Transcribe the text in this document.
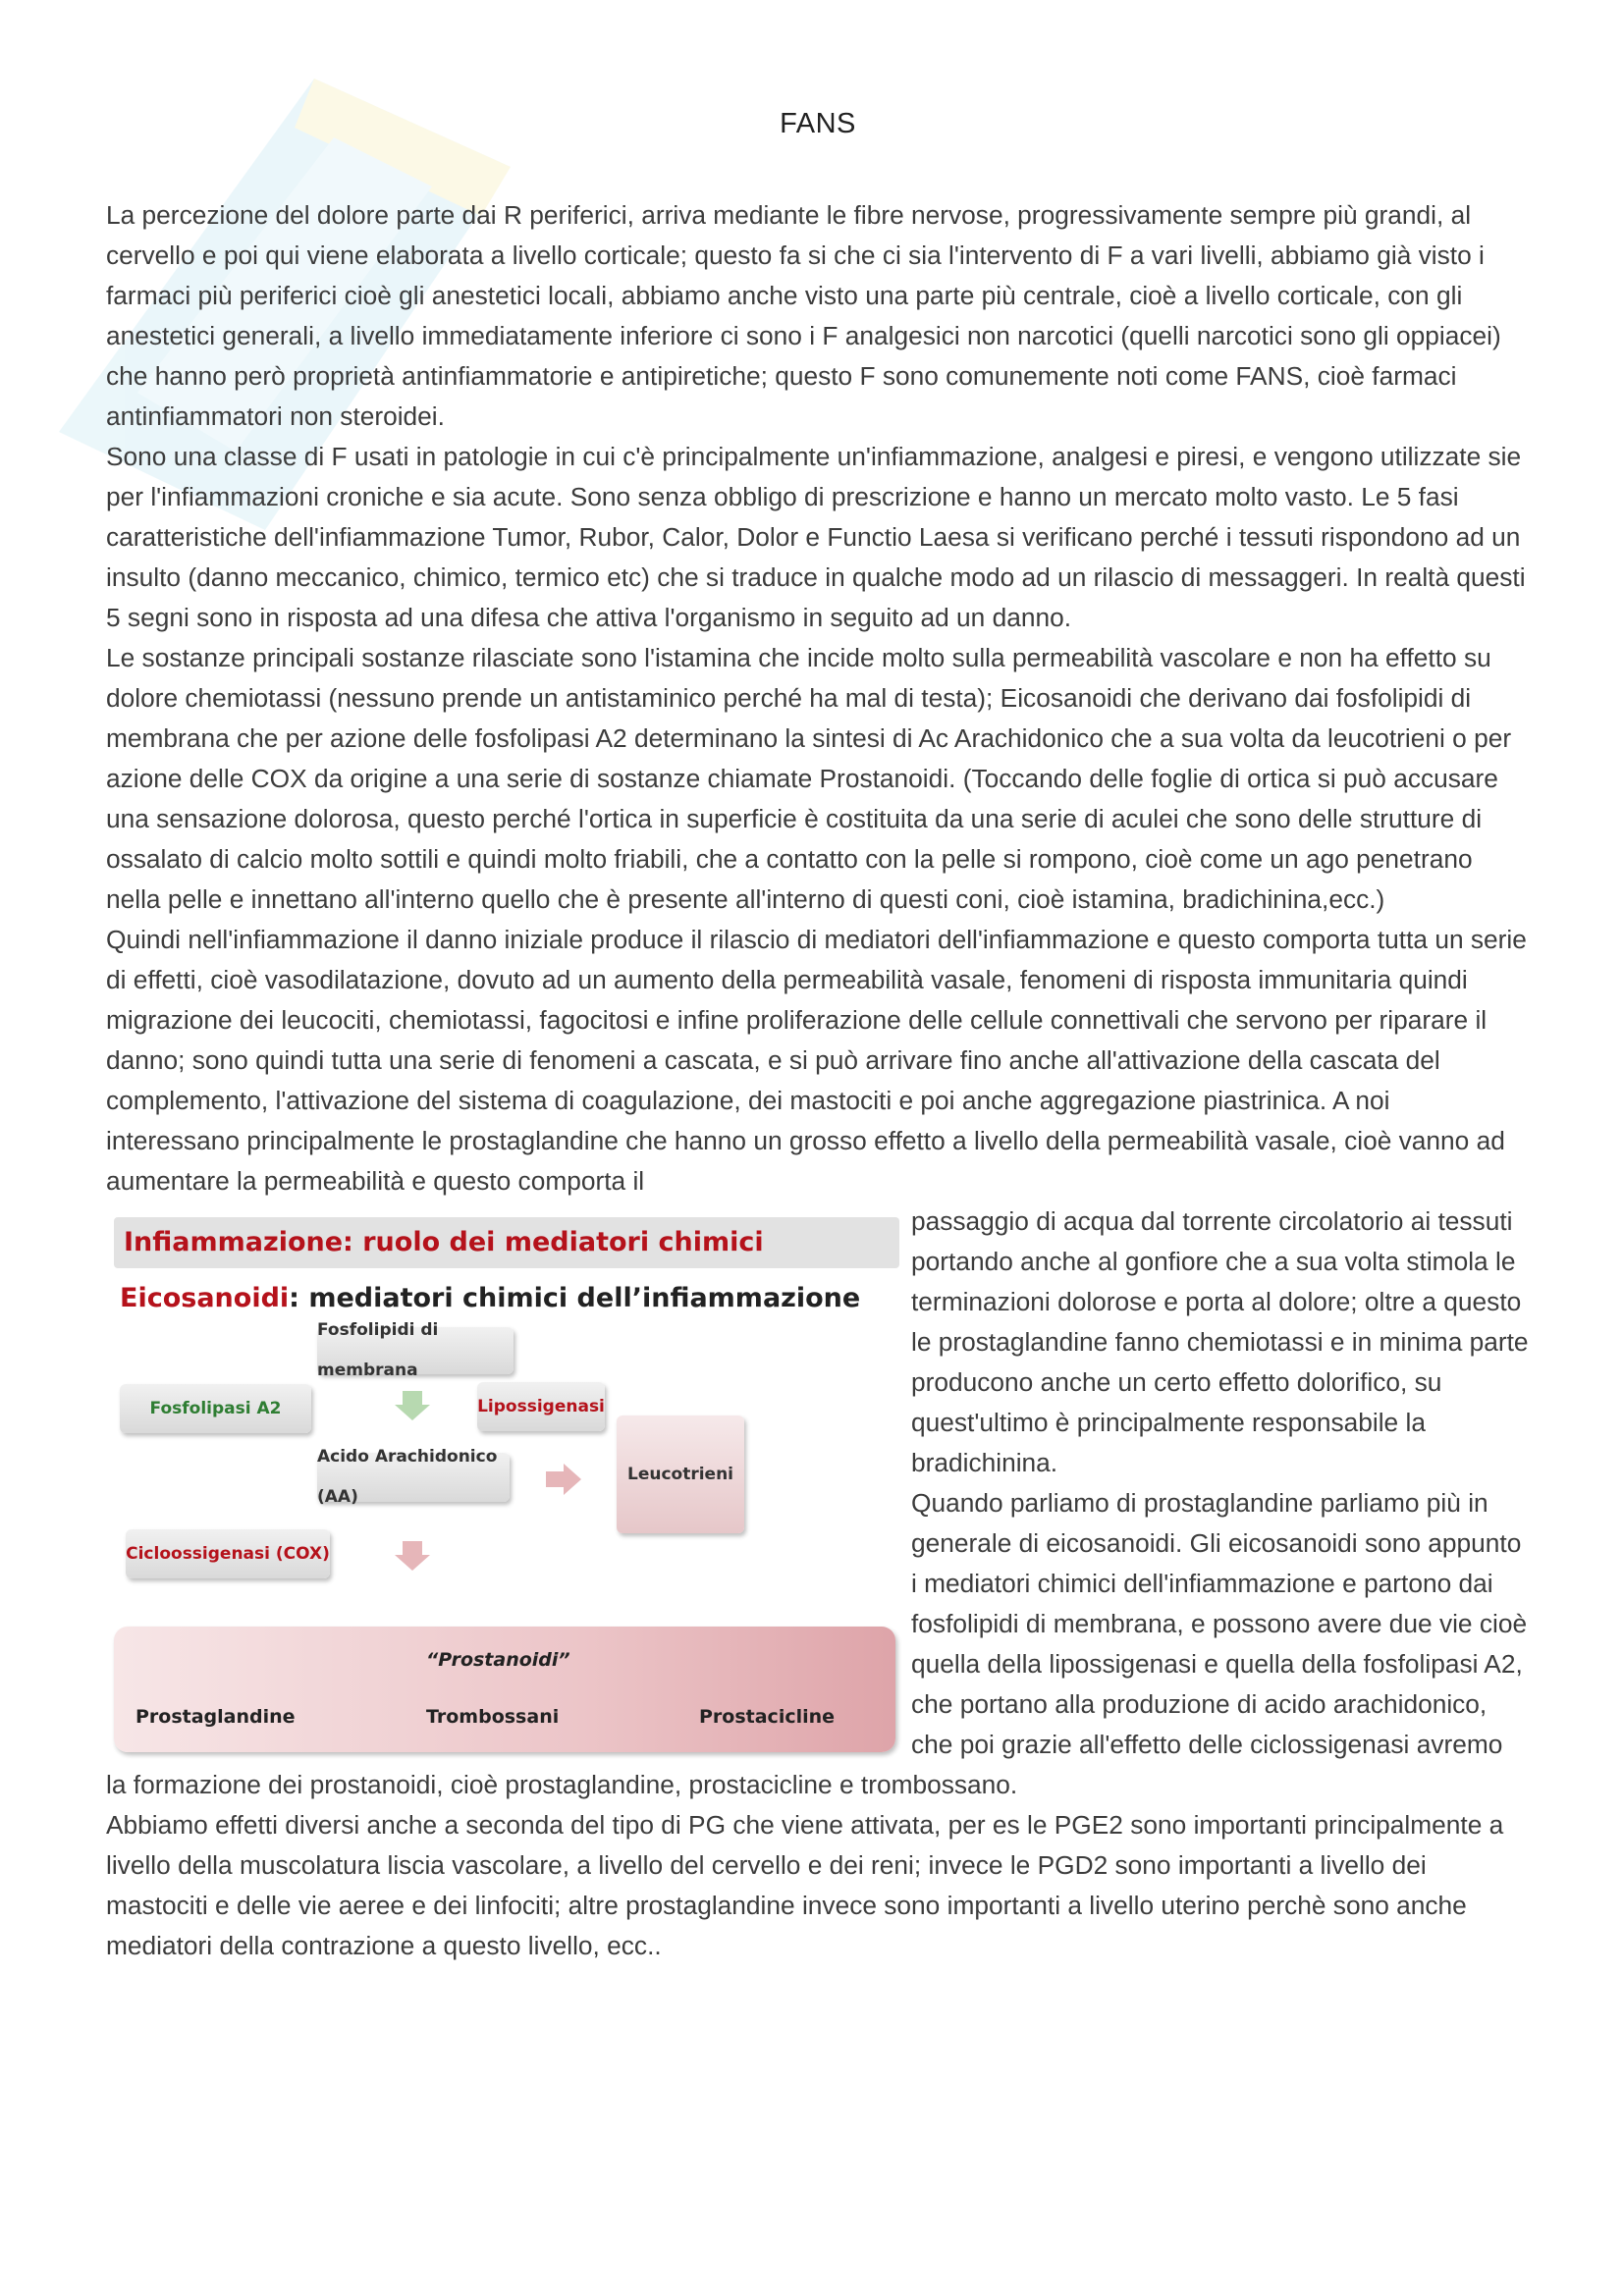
FANS

La percezione del dolore parte dai R periferici, arriva mediante le fibre nervose, progressivamente sempre più grandi, al cervello e poi qui viene elaborata a livello corticale; questo fa si che ci sia l'intervento di F a vari livelli, abbiamo già visto i farmaci più periferici cioè gli anestetici locali, abbiamo anche visto una parte più centrale, cioè a livello corticale, con gli anestetici generali, a livello immediatamente inferiore ci sono i F analgesici non narcotici (quelli narcotici sono gli oppiacei) che hanno però proprietà antinfiammatorie e antipiretiche; questo F sono comunemente noti come FANS, cioè farmaci antinfiammatori non steroidei.

Sono una classe di F usati in patologie in cui c'è principalmente un'infiammazione, analgesi e piresi, e vengono utilizzate sie per l'infiammazioni croniche e sia acute. Sono senza obbligo di prescrizione e hanno un mercato molto vasto. Le 5 fasi caratteristiche dell'infiammazione Tumor, Rubor, Calor, Dolor e Functio Laesa si verificano perché i tessuti rispondono ad un insulto (danno meccanico, chimico, termico etc) che si traduce in qualche modo ad un rilascio di messaggeri. In realtà questi 5 segni sono in risposta ad una difesa che attiva l'organismo in seguito ad un danno.

Le sostanze principali sostanze rilasciate sono l'istamina che incide molto sulla permeabilità vascolare e non ha effetto su dolore chemiotassi (nessuno prende un antistaminico perché ha mal di testa); Eicosanoidi che derivano dai fosfolipidi di membrana che per azione delle fosfolipasi A2 determinano la sintesi di Ac Arachidonico che a sua volta da leucotrieni o per azione delle COX da origine a una serie di sostanze chiamate Prostanoidi. (Toccando delle foglie di ortica si può accusare una sensazione dolorosa, questo perché l'ortica in superficie è costituita da una serie di aculei che sono delle strutture di ossalato di calcio molto sottili e quindi molto friabili, che a contatto con la pelle si rompono, cioè come un ago penetrano nella pelle e innettano all'interno quello che è presente all'interno di questi coni, cioè istamina, bradichinina,ecc.)

Quindi nell'infiammazione il danno iniziale produce il rilascio di mediatori dell'infiammazione e questo comporta tutta un serie di effetti, cioè vasodilatazione, dovuto ad un aumento della permeabilità vasale, fenomeni di risposta immunitaria quindi migrazione dei leucociti, chemiotassi, fagocitosi e infine proliferazione delle cellule connettivali che servono per riparare il danno; sono quindi tutta una serie di fenomeni a cascata, e si può arrivare fino anche all'attivazione della cascata del complemento, l'attivazione del sistema di coagulazione, dei mastociti e poi anche aggregazione piastrinica. A noi interessano principalmente le prostaglandine che hanno un grosso effetto a livello della permeabilità vasale, cioè vanno ad aumentare la permeabilità e questo comporta il

Infiammazione: ruolo dei mediatori chimici
Eicosanoidi: mediatori chimici dell’infiammazione
Fosfolipidi di membrana
Fosfolipasi A2	Lipossigenasi
Leucotrieni
Acido Arachidonico (AA)
Cicloossigenasi (COX)
“Prostanoidi”
Prostaglandine	Trombossani	Prostacicline

passaggio di acqua dal torrente circolatorio ai tessuti portando anche al gonfiore che a sua volta stimola le terminazioni dolorose e porta al dolore; oltre a questo le prostaglandine fanno chemiotassi e in minima parte producono anche un certo effetto dolorifico, su quest'ultimo è principalmente responsabile la bradichinina.

Quando parliamo di prostaglandine parliamo più in generale di eicosanoidi. Gli eicosanoidi sono appunto i mediatori chimici dell'infiammazione e partono dai fosfolipidi di membrana, e possono avere due vie cioè quella della lipossigenasi e quella della fosfolipasi A2, che portano alla produzione di acido arachidonico, che poi grazie all'effetto delle ciclossigenasi avremo la formazione dei prostanoidi, cioè prostaglandine, prostacicline e trombossano.

Abbiamo effetti diversi anche a seconda del tipo di PG che viene attivata, per es le PGE2 sono importanti principalmente a livello della muscolatura liscia vascolare, a livello del cervello e dei reni; invece le PGD2 sono importanti a livello dei mastociti e delle vie aeree e dei linfociti; altre prostaglandine invece sono importanti a livello uterino perchè sono anche mediatori della contrazione a questo livello, ecc..
